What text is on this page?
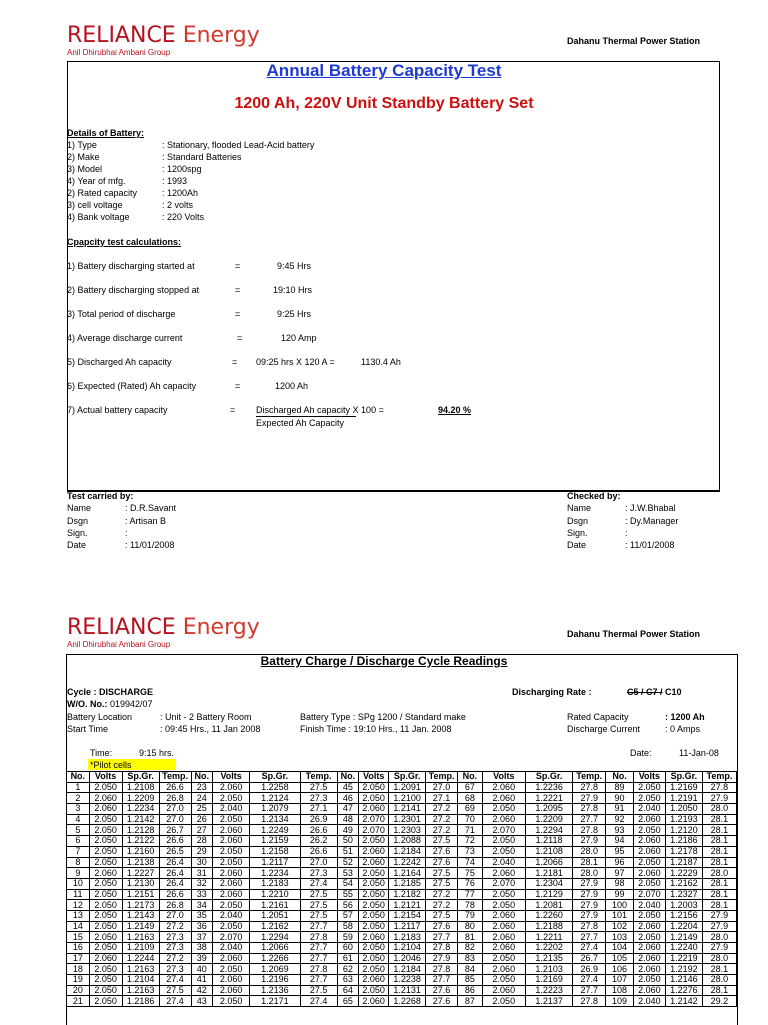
RELIANCE Energy
Anil Dhirubhai Ambani Group
Dahanu Thermal Power Station
Annual Battery Capacity Test
1200 Ah, 220V Unit Standby Battery Set
Details of Battery:
1) Type	: Stationary, flooded Lead-Acid battery
2) Make	: Standard Batteries
3) Model	: 1200spg
4) Year of mfg.	: 1993
2) Rated capacity	: 1200Ah
3) cell voltage	: 2 volts
4) Bank voltage	: 220 Volts
Cpapcity test calculations:
1) Battery discharging started at	=	9:45 Hrs
2) Battery discharging stopped at	=	19:10 Hrs
3) Total period of discharge	=	9:25 Hrs
4) Average discharge current	=	120 Amp
5) Discharged Ah capacity	= 09:25 hrs X 120 A =	1130.4 Ah
6) Expected (Rated) Ah capacity	=	1200 Ah
7) Actual battery capacity	= Discharged Ah capacity X 100 =
Expected Ah Capacity
94.20 %
Test carried by:
Name	: D.R.Savant
Dsgn	: Artisan B
Sign.	:
Date	: 11/01/2008
Checked by:
Name	: J.W.Bhabal
Dsgn	: Dy.Manager
Sign.	:
Date	: 11/01/2008
RELIANCE Energy
Anil Dhirubhai Ambani Group
Dahanu Thermal Power Station
Battery Charge / Discharge Cycle Readings
Cycle : DISCHARGE
W/O. No.: 019942/07
Discharging Rate :	C5 / C7 / C10
Battery Location	: Unit - 2 Battery Room
Start Time	: 09:45 Hrs., 11 Jan 2008
Battery Type : SPg 1200 / Standard make
Finish Time : 19:10 Hrs., 11 Jan. 2008
Rated Capacity	: 1200 Ah
Discharge Current	: 0 Amps
Time:	9:15 hrs.	Date:	11-Jan-08
*Pilot cells
No.	Volts	Sp.Gr.	Temp.	No.	Volts	Sp.Gr.	Temp.	No.	Volts	Sp.Gr.	Temp.	No.	Volts	Sp.Gr.	Temp.	No.	Volts	Sp.Gr.	Temp.
1	2.050	1.2108	26.6	23	2.060	1.2258	27.5	45	2.050	1.2091	27.0	67	2.060	1.2236	27.8	89	2.050	1.2169	27.8
2	2.060	1.2209	26.8	24	2.050	1.2124	27.3	46	2.050	1.2100	27.1	68	2.060	1.2221	27.9	90	2.050	1.2191	27.9
3	2.060	1.2234	27.0	25	2.040	1.2079	27.1	47	2.060	1.2141	27.2	69	2.050	1.2095	27.8	91	2.040	1.2050	28.0
4	2.050	1.2142	27.0	26	2.050	1.2134	26.9	48	2.070	1.2301	27.2	70	2.060	1.2209	27.7	92	2.060	1.2193	28.1
5	2.050	1.2128	26.7	27	2.060	1.2249	26.6	49	2.070	1.2303	27.2	71	2.070	1.2294	27.8	93	2.050	1.2120	28.1
6	2.050	1.2122	26.6	28	2.060	1.2159	26.2	50	2.050	1.2088	27.5	72	2.050	1.2118	27.9	94	2.060	1.2186	28.1
7	2.050	1.2160	26.5	29	2.050	1.2158	26.6	51	2.060	1.2184	27.6	73	2.050	1.2108	28.0	95	2.060	1.2178	28.1
8	2.050	1.2138	26.4	30	2.050	1.2117	27.0	52	2.060	1.2242	27.6	74	2.040	1.2066	28.1	96	2.050	1.2187	28.1
9	2.060	1.2227	26.4	31	2.060	1.2234	27.3	53	2.050	1.2164	27.5	75	2.060	1.2181	28.0	97	2.060	1.2229	28.0
10	2.050	1.2130	26.4	32	2.060	1.2183	27.4	54	2.050	1.2185	27.5	76	2.070	1.2304	27.9	98	2.050	1.2162	28.1
11	2.050	1.2151	26.6	33	2.060	1.2210	27.5	55	2.050	1.2182	27.2	77	2.050	1.2129	27.9	99	2.070	1.2327	28.1
12	2.050	1.2173	26.8	34	2.050	1.2161	27.5	56	2.050	1.2121	27.2	78	2.050	1.2081	27.9	100	2.040	1.2003	28.1
13	2.050	1.2143	27.0	35	2.040	1.2051	27.5	57	2.050	1.2154	27.5	79	2.060	1.2260	27.9	101	2.050	1.2156	27.9
14	2.050	1.2149	27.2	36	2.050	1.2162	27.7	58	2.050	1.2117	27.6	80	2.060	1.2188	27.8	102	2.060	1.2204	27.9
15	2.050	1.2163	27.3	37	2.070	1.2294	27.8	59	2.060	1.2183	27.7	81	2.060	1.2211	27.7	103	2.050	1.2149	28.0
16	2.050	1.2109	27.3	38	2.040	1.2066	27.7	60	2.050	1.2104	27.8	82	2.060	1.2202	27.4	104	2.060	1.2240	27.9
17	2.060	1.2244	27.2	39	2.060	1.2266	27.7	61	2.050	1.2046	27.9	83	2.050	1.2135	26.7	105	2.060	1.2219	28.0
18	2.050	1.2163	27.3	40	2.050	1.2069	27.8	62	2.050	1.2184	27.8	84	2.060	1.2103	26.9	106	2.060	1.2192	28.1
19	2.050	1.2104	27.4	41	2.060	1.2196	27.7	63	2.060	1.2238	27.7	85	2.050	1.2169	27.4	107	2.050	1.2146	28.0
20	2.050	1.2163	27.5	42	2.060	1.2136	27.5	64	2.050	1.2131	27.6	86	2.060	1.2223	27.7	108	2.060	1.2276	28.1
21	2.050	1.2186	27.4	43	2.050	1.2171	27.4	65	2.060	1.2268	27.6	87	2.050	1.2137	27.8	109	2.040	1.2142	29.2
